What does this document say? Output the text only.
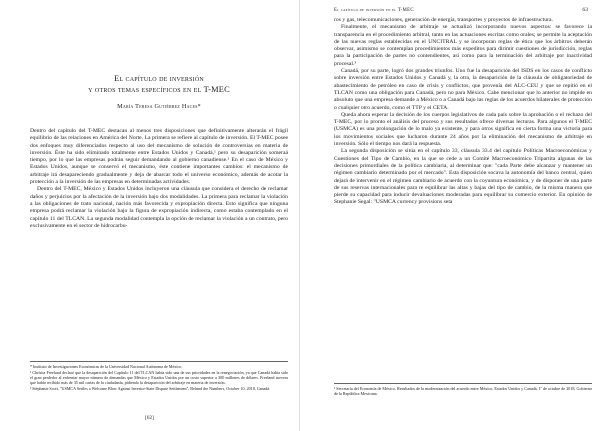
El capítulo de inversión
y otros temas específicos en el T-MEC
María Teresa Gutiérrez Haces*

Dentro del capítulo del T-MEC destacan al menos tres disposiciones que definitivamente alterarán el frágil equilibrio de las relaciones en América del Norte. La primera se refiere al capítulo de inversión. El T-MEC posee dos enfoques muy diferenciados respecto al uso del mecanismo de solución de controversias en materia de inversión. Éste ha sido eliminado totalmente entre Estados Unidos y Canadá,¹ pero su desaparición someraá tiempo, por lo que las empresas podrán seguir demandando al gobierno canadiense.² En el caso de México y Estados Unidos, aunque se conservó el mecanismo, éste contiene importantes cambios: el mecanismo de arbitraje irá desapareciendo gradualmente y deja de abarcar todo el universo económico, además de acotar la protección a la inversión de las empresas en determinadas actividades.

Dentro del T-MEC, México y Estados Unidos incluyeron una cláusula que considera el derecho de reclamar daños y perjuicios por la afectación de la inversión bajo dos modalidades. La primera para reclamar la violación a las obligaciones de trato nacional, nación más favorecida y expropiación directa. Esto significa que ninguna empresa podrá reclamar la violación bajo la figura de expropiación indirecta, como estaba contemplado en el capítulo 11 del TLCAN. La segunda modalidad contempla la opción de reclamar la violación a un contrato, pero exclusivamente en el sector de hidrocarbu-

* Instituto de Investigaciones Económicas de la Universidad Nacional Autónoma de México.

¹ Chrístia Freeland declaró que la desaparición del Capítulo 11 del TLCAN había sido una de sus prioridades en la renegociación, ya que Canadá había sido el gran perdedor al enfrentar mayor número de demandas que México y Estados Unidos por un costo superior a 300 millones de dólares. Freeland asevera que había recibido más de 35 mil cartas de la ciudadanía, pidiendo la desaparición del arbitraje en materia de inversión.

² Stéphanie Scott, "USMCA Settles a Welcome Blow Against Investor-State Dispute Settlement", Behind the Numbers, October 10, 2018, Canadá.

[62]
El capítulo de inversión en el T-MEC	63

ros y gas, telecomunicaciones, generación de energía, transportes y proyectos de infraestructura.

Finalmente, el mecanismo de arbitraje se actualizó incorporando nuevos aspectos: se favorece la transparencia en el procedimiento arbitral, tanto en las actuaciones escritas como orales; se permite la aceptación de las nuevas reglas establecidas en el UNCITRAL y se incorporan reglas de ética que los árbitros deberán observar, asimismo se contemplan procedimientos más expeditos para dirimir cuestiones de jurisdicción, reglas para la participación de partes no contendientes, así como para la terminación del arbitraje por inactividad procesal.³

Canadá, por su parte, logró dos grandes triunfos. Uno fue la desaparición del ISDS en los casos de conflicto sobre inversión entre Estados Unidos y Canadá y, la otra, la desaparición de la cláusula de obligatoriedad de abastecimiento de petróleo en caso de crisis y conflictos, que provenía del ALC-CEU y que se repitió en el TLCAN como una obligación para Canadá, pero no para México. Cabe mencionar que lo anterior no impide en absoluto que una empresa demande a México o a Canadá bajo las reglas de los acuerdos bilaterales de protección o cualquier otro acuerdo, como el TTP y el CETA.

Queda ahora esperar la decisión de los cuerpos legislativos de cada país sobre la aprobación o el rechazo del T-MEC, por lo pronto el análisis del proceso y sus resultados ofrece diversas lecturas. Para algunos el T-MEC (USMCA) es una prolongación de lo malo ya existente, y para otros significa en cierta forma una victoria para los movimientos sociales que lucharon durante 24 años por la eliminación del mecanismo de arbitraje en inversión. Sólo el tiempo nos dará la respuesta.

La segunda disposición se sitúa en el capítulo 33, cláusula 33.4 del capítulo Políticas Macroeconómicas y Cuestiones del Tipo de Cambio, en la que se cede a un Comité Macroeconómico Tripartita algunas de las decisiones primordiales de la política cambiaria, al determinar que: "cada Parte debe alcanzar y mantener un régimen cambiario determinado por el mercado". Esta disposición socava la autonomía del banco central, quien dejará de intervenir en el régimen cambiario de acuerdo con la coyuntura económica, y de disponer de una parte de sus reservas internacionales para re equilibrar las altas y bajas del tipo de cambio, de la misma manera que pierde su capacidad para inducir devaluaciones moderadas para equilibrar su comercio exterior. En opinión de Stephanie Segal: "USMCA currency provisions seta

³ Secretaría del Economía de México, Resultados de la modernización del acuerdo entre México, Estados Unidos y Canadá, 1º de octubre de 2018, Gobierno de la República Mexicana.
